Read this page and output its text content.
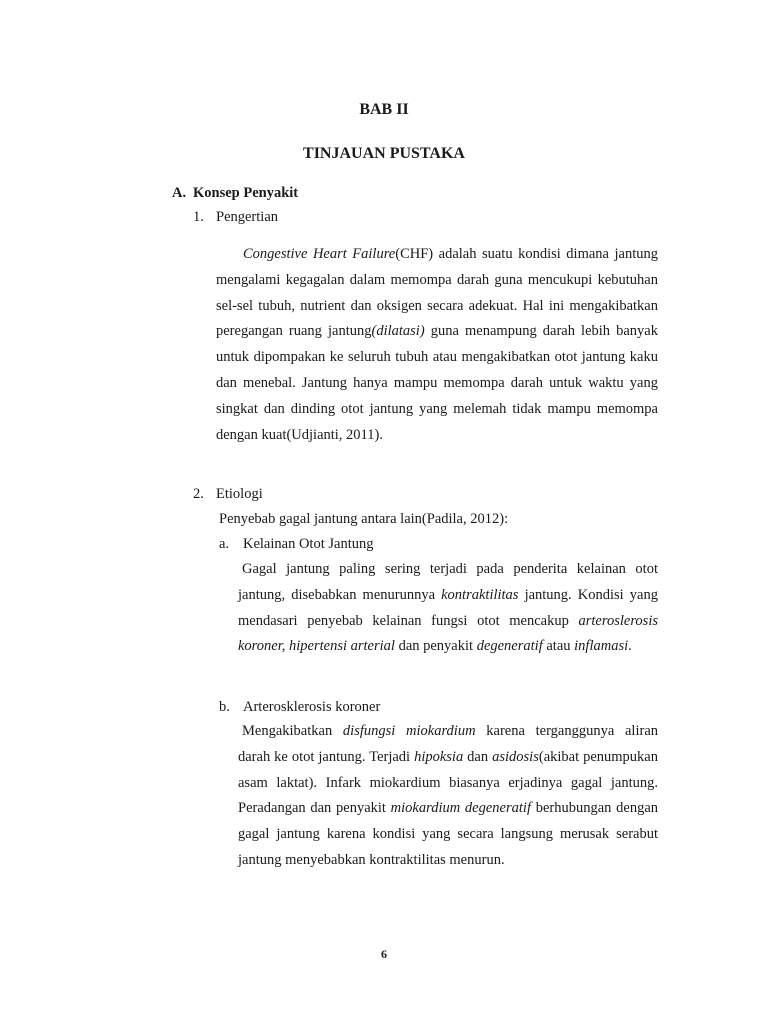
BAB II
TINJAUAN PUSTAKA
A. Konsep Penyakit
1. Pengertian
Congestive Heart Failure(CHF) adalah suatu kondisi dimana jantung mengalami kegagalan dalam memompa darah guna mencukupi kebutuhan sel-sel tubuh, nutrient dan oksigen secara adekuat. Hal ini mengakibatkan peregangan ruang jantung(dilatasi) guna menampung darah lebih banyak untuk dipompakan ke seluruh tubuh atau mengakibatkan otot jantung kaku dan menebal. Jantung hanya mampu memompa darah untuk waktu yang singkat dan dinding otot jantung yang melemah tidak mampu memompa dengan kuat(Udjianti, 2011).
2. Etiologi
Penyebab gagal jantung antara lain(Padila, 2012):
a. Kelainan Otot Jantung
Gagal jantung paling sering terjadi pada penderita kelainan otot jantung, disebabkan menurunnya kontraktilitas jantung. Kondisi yang mendasari penyebab kelainan fungsi otot mencakup arteroslerosis koroner, hipertensi arterial dan penyakit degeneratif atau inflamasi.
b. Arterosklerosis koroner
Mengakibatkan disfungsi miokardium karena terganggunya aliran darah ke otot jantung. Terjadi hipoksia dan asidosis(akibat penumpukan asam laktat). Infark miokardium biasanya erjadinya gagal jantung. Peradangan dan penyakit miokardium degeneratif berhubungan dengan gagal jantung karena kondisi yang secara langsung merusak serabut jantung menyebabkan kontraktilitas menurun.
6
